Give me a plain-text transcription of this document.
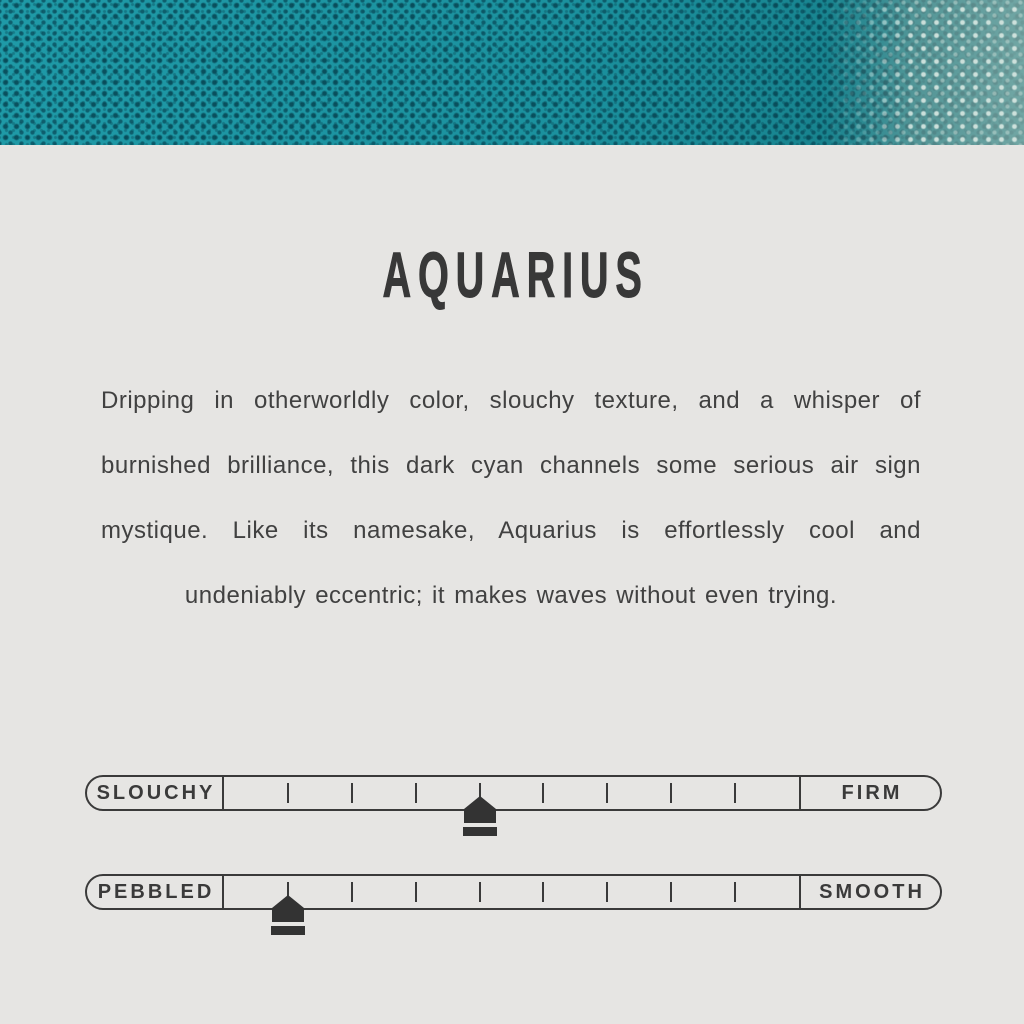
AQUARIUS
Dripping in otherworldly color, slouchy texture, and a whisper of
burnished brilliance, this dark cyan channels some serious air sign
mystique. Like its namesake, Aquarius is effortlessly cool and
undeniably eccentric; it makes waves without even trying.
SLOUCHY	FIRM
PEBBLED	SMOOTH
